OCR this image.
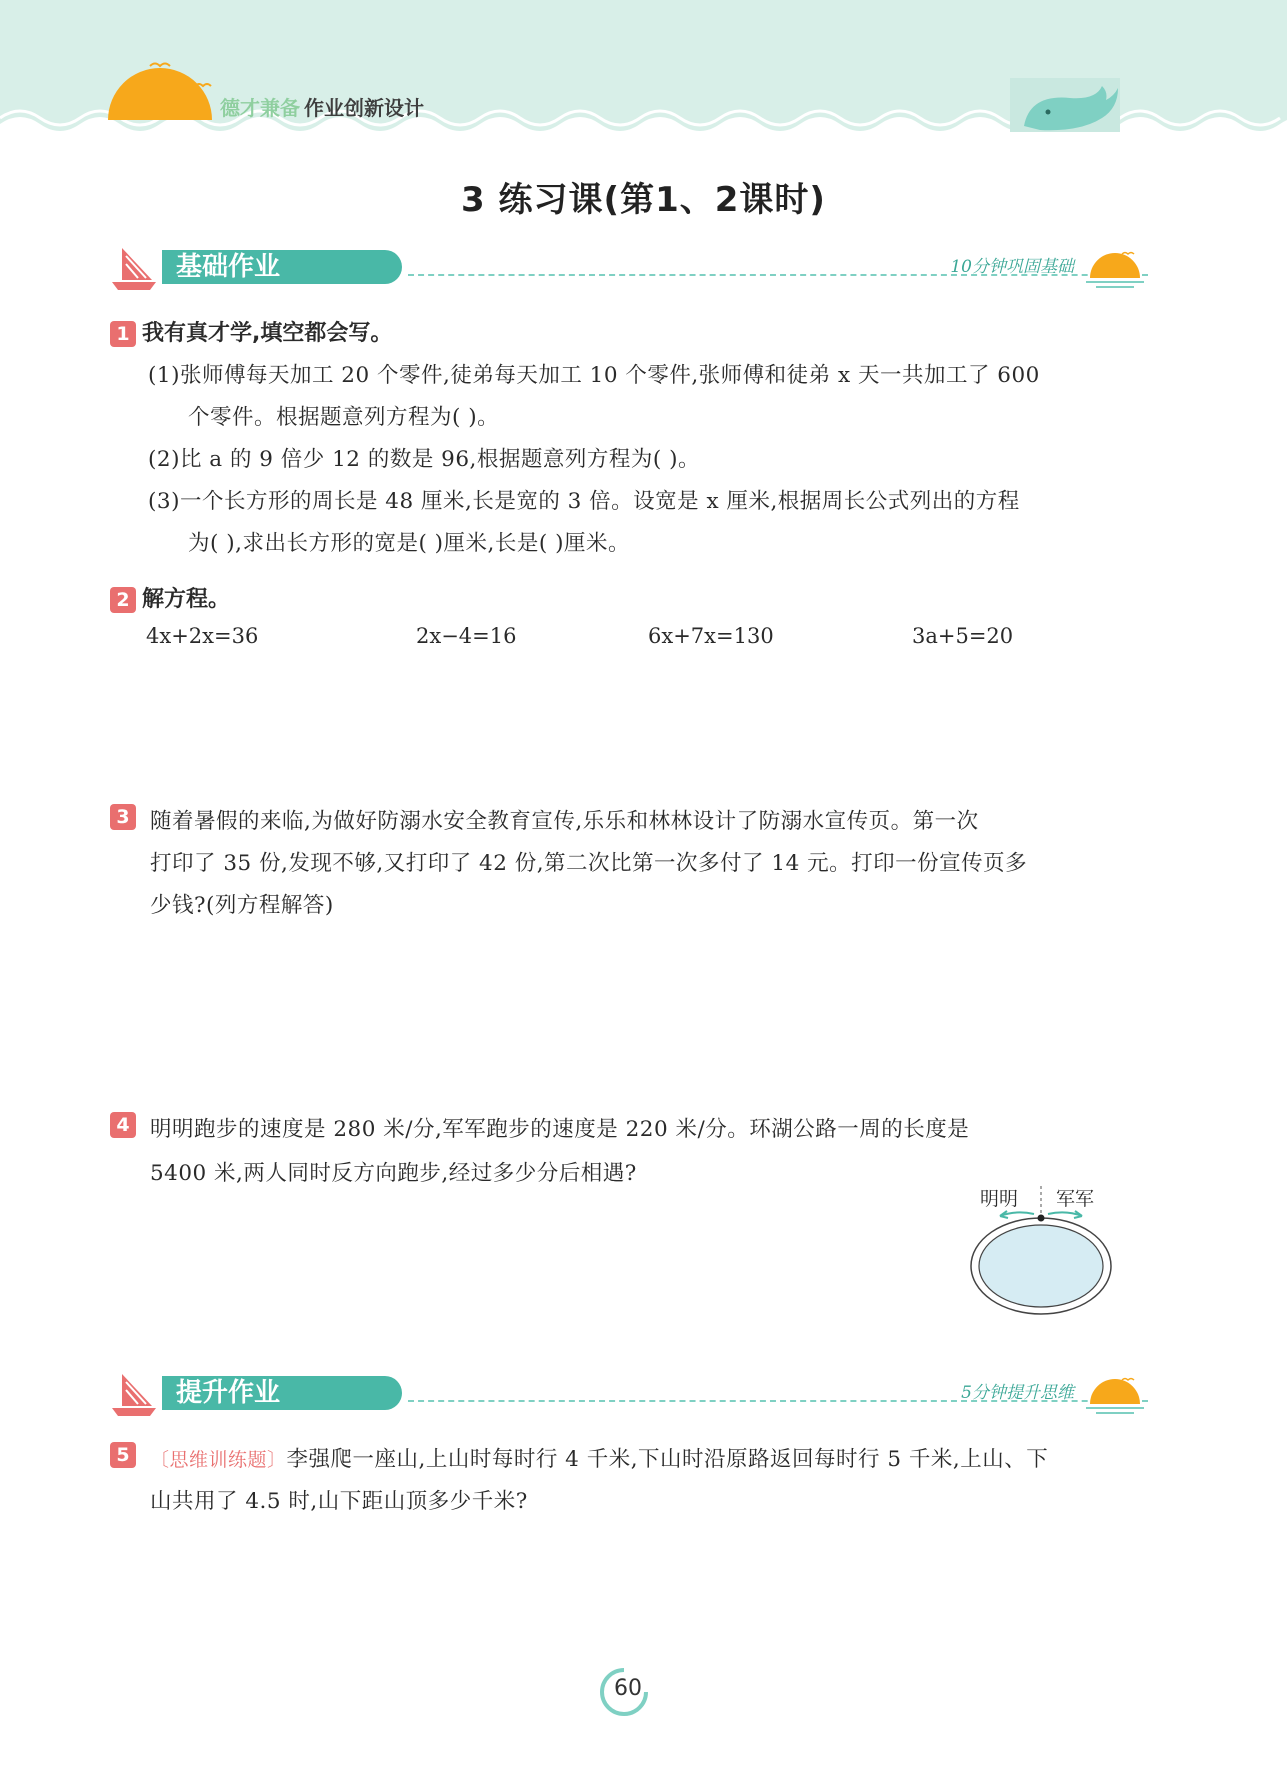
德才兼备 作业创新设计
3 练习课(第1、2课时)
基础作业	10分钟巩固基础
1 我有真才学,填空都会写。
(1)张师傅每天加工 20 个零件,徒弟每天加工 10 个零件,张师傅和徒弟 x 天一共加工了 600
个零件。根据题意列方程为( )。
(2)比 a 的 9 倍少 12 的数是 96,根据题意列方程为( )。
(3)一个长方形的周长是 48 厘米,长是宽的 3 倍。设宽是 x 厘米,根据周长公式列出的方程
为( ),求出长方形的宽是( )厘米,长是( )厘米。
2 解方程。
4x+2x=36	2x−4=16	6x+7x=130	3a+5=20
3 随着暑假的来临,为做好防溺水安全教育宣传,乐乐和林林设计了防溺水宣传页。第一次
打印了 35 份,发现不够,又打印了 42 份,第二次比第一次多付了 14 元。打印一份宣传页多
少钱?(列方程解答)
4 明明跑步的速度是 280 米/分,军军跑步的速度是 220 米/分。环湖公路一周的长度是
5400 米,两人同时反方向跑步,经过多少分后相遇?
明明 军军
提升作业	5分钟提升思维
5	〔思维训练题〕李强爬一座山,上山时每时行 4 千米,下山时沿原路返回每时行 5 千米,上山、下
山共用了 4.5 时,山下距山顶多少千米?
60
